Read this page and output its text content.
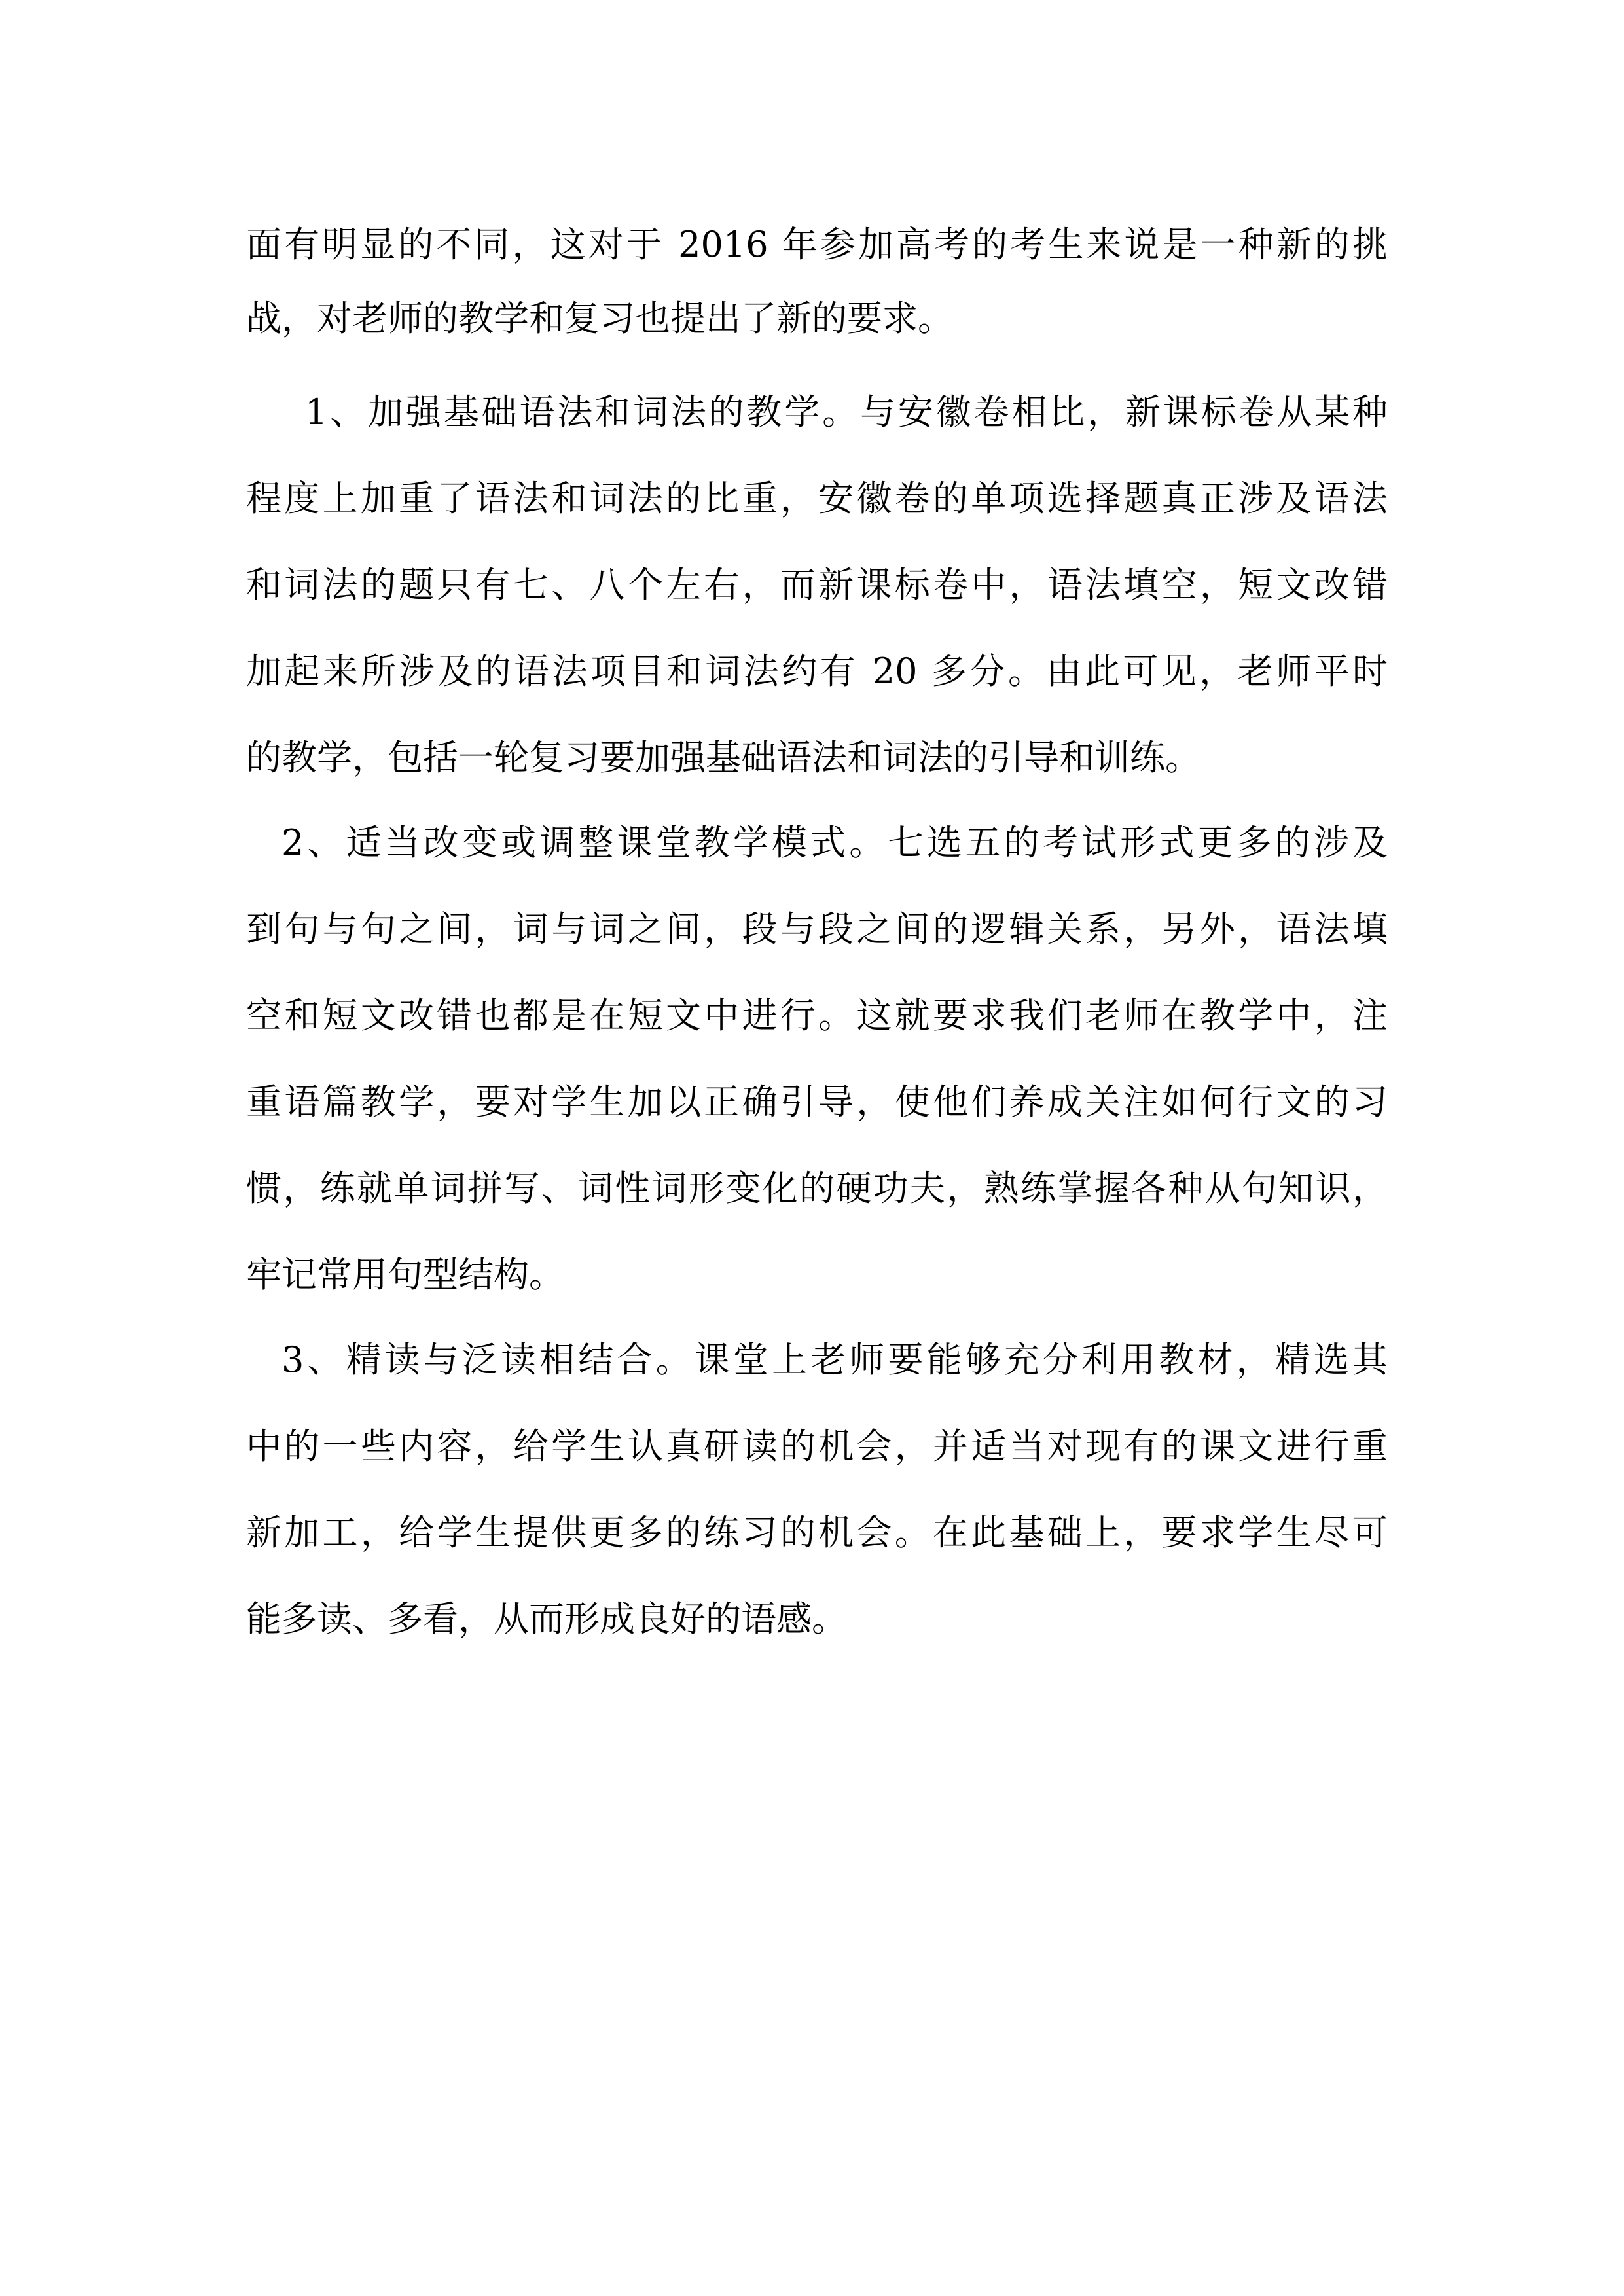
面有明显的不同，这对于 2016 年参加高考的考生来说是一种新的挑
战，对老师的教学和复习也提出了新的要求。
1、加强基础语法和词法的教学。与安徽卷相比，新课标卷从某种
程度上加重了语法和词法的比重，安徽卷的单项选择题真正涉及语法
和词法的题只有七、八个左右，而新课标卷中，语法填空，短文改错
加起来所涉及的语法项目和词法约有 20 多分。由此可见，老师平时
的教学，包括一轮复习要加强基础语法和词法的引导和训练。
2、适当改变或调整课堂教学模式。七选五的考试形式更多的涉及
到句与句之间，词与词之间，段与段之间的逻辑关系，另外，语法填
空和短文改错也都是在短文中进行。这就要求我们老师在教学中，注
重语篇教学，要对学生加以正确引导，使他们养成关注如何行文的习
惯，练就单词拼写、词性词形变化的硬功夫，熟练掌握各种从句知识，
牢记常用句型结构。
3、精读与泛读相结合。课堂上老师要能够充分利用教材，精选其
中的一些内容，给学生认真研读的机会，并适当对现有的课文进行重
新加工，给学生提供更多的练习的机会。在此基础上，要求学生尽可
能多读、多看，从而形成良好的语感。
